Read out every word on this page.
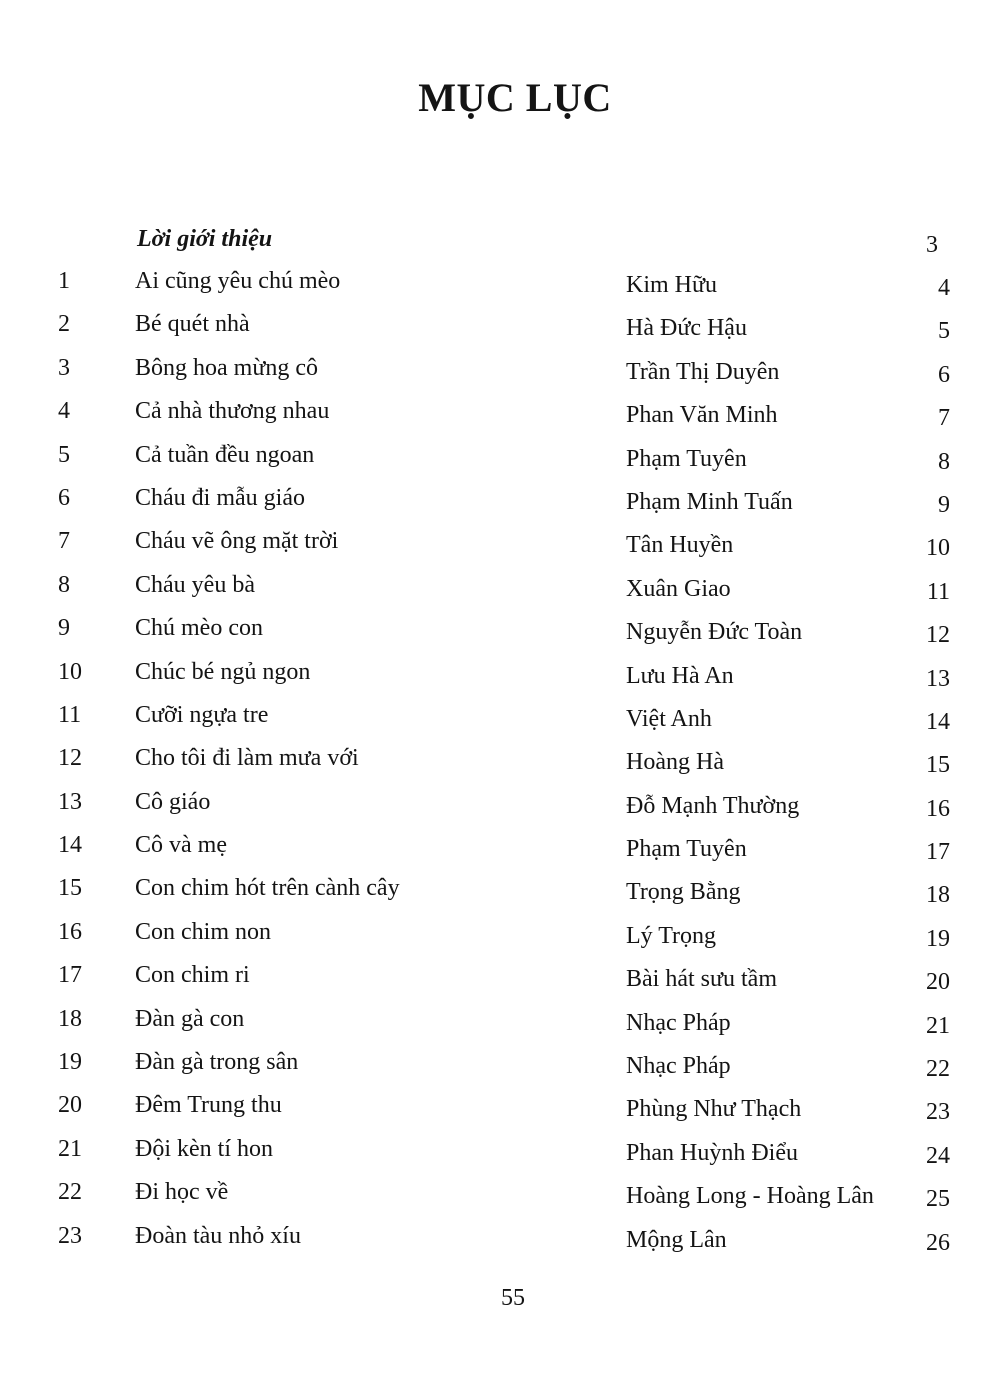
MỤC LỤC
Lời giới thiệu	3
1	Ai cũng yêu chú mèo	Kim Hữu	4
2	Bé quét nhà	Hà Đức Hậu	5
3	Bông hoa mừng cô	Trần Thị Duyên	6
4	Cả nhà thương nhau	Phan Văn Minh	7
5	Cả tuần đều ngoan	Phạm Tuyên	8
6	Cháu đi mẫu giáo	Phạm Minh Tuấn	9
7	Cháu vẽ ông mặt trời	Tân Huyền	10
8	Cháu yêu bà	Xuân Giao	11
9	Chú mèo con	Nguyễn Đức Toàn	12
10 Chúc bé ngủ ngon	Lưu Hà An	13
11 Cưỡi ngựa tre	Việt Anh	14
12 Cho tôi đi làm mưa với	Hoàng Hà	15
13 Cô giáo	Đỗ Mạnh Thường	16
14 Cô và mẹ	Phạm Tuyên	17
15 Con chim hót trên cành cây	Trọng Bằng	18
16 Con chim non	Lý Trọng	19
17 Con chim ri	Bài hát sưu tầm	20
18 Đàn gà con	Nhạc Pháp	21
19 Đàn gà trong sân	Nhạc Pháp	22
20 Đêm Trung thu	Phùng Như Thạch	23
21 Đội kèn tí hon	Phan Huỳnh Điểu	24
22 Đi học về	Hoàng Long - Hoàng Lân 25
23 Đoàn tàu nhỏ xíu	Mộng Lân	26
55
